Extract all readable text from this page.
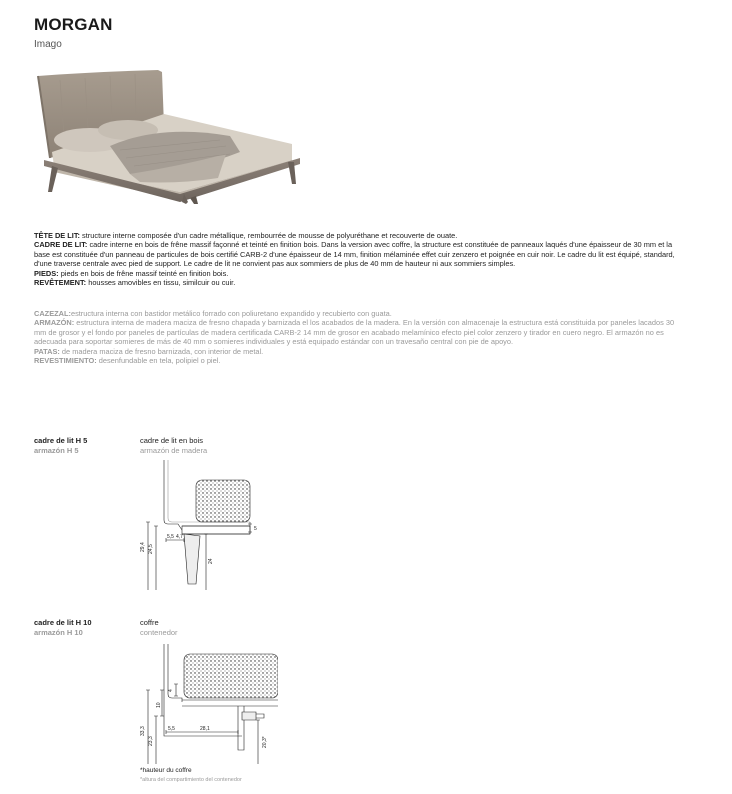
MORGAN
Imago

TÊTE DE LIT: structure interne composée d'un cadre métallique, rembourrée de mousse de polyuréthane et recouverte de ouate.

CADRE DE LIT: cadre interne en bois de frêne massif façonné et teinté en finition bois. Dans la version avec coffre, la structure est constituée de panneaux laqués d'une épaisseur de 30 mm et la base est constituée d'un panneau de particules de bois certifié CARB-2 d'une épaisseur de 14 mm, finition mélaminée effet cuir zenzero et poignée en cuir noir. Le cadre du lit est équipé, standard, d'une traverse centrale avec pied de support. Le cadre de lit ne convient pas aux sommiers de plus de 40 mm de hauteur ni aux sommiers simples.

PIEDS: pieds en bois de frêne massif teinté en finition bois.

REVÊTEMENT: housses amovibles en tissu, similcuir ou cuir.

CAZEZAL:estructura interna con bastidor metálico forrado con poliuretano expandido y recubierto con guata.

ARMAZÓN: estructura interna de madera maciza de fresno chapada y barnizada el los acabados de la madera. En la versión con almacenaje la estructura está constituida por paneles lacados 30 mm de grosor y el fondo por paneles de partículas de madera certificada CARB-2 14 mm de grosor en acabado melamínico efecto piel color zenzero y tirador en cuero negro. El armazón no es adecuada para soportar somieres de más de 40 mm o somieres individuales y está equipado estándar con un travesaño central con pie de apoyo.

PATAS: de madera maciza de fresno barnizada, con interior de metal.

REVESTIMIENTO: desenfundable en tela, polipiel o piel.

cadre de lit H 5
armazón H 5
cadre de lit en bois
armazón de madera
29,4 24,5
5,5 4,7
24
5
cadre de lit H 10
armazón H 10
coffre
contenedor
33,3
23,3
10
5,5	28,1
20,3*
4
*hauteur du coffre
*altura del compartimiento del contenedor
